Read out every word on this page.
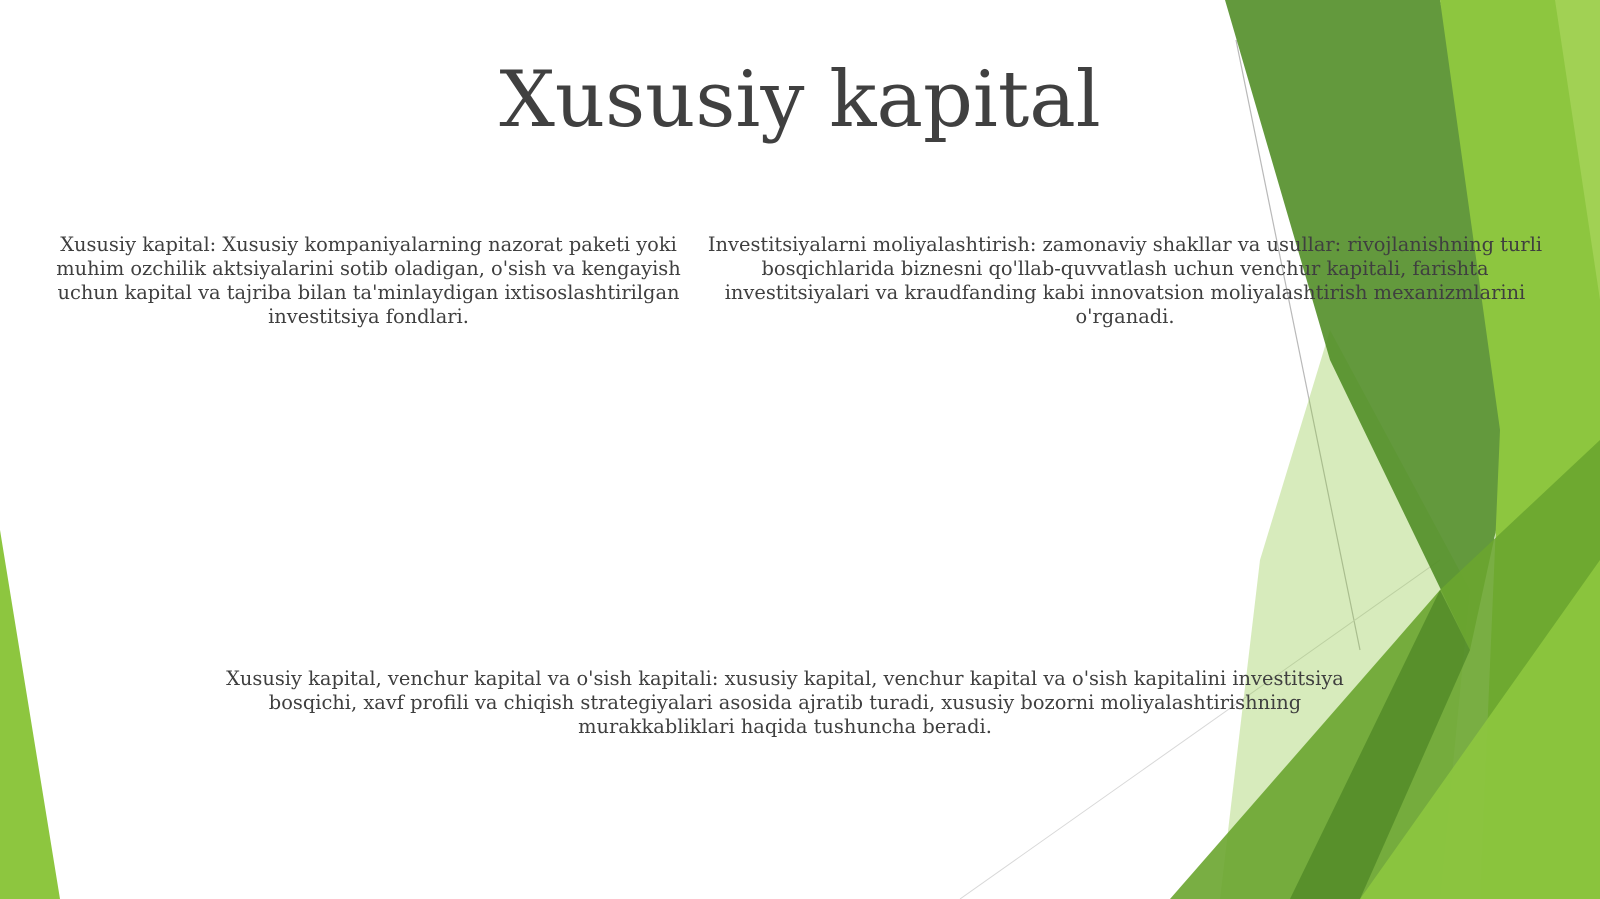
Xususiy kapital

Xususiy kapital: Xususiy kompaniyalarning nazorat paketi yoki muhim ozchilik aktsiyalarini sotib oladigan, o'sish va kengayish uchun kapital va tajriba bilan ta'minlaydigan ixtisoslashtirilgan investitsiya fondlari.

Investitsiyalarni moliyalashtirish: zamonaviy shakllar va usullar: rivojlanishning turli bosqichlarida biznesni qo'llab-quvvatlash uchun venchur kapitali, farishta investitsiyalari va kraudfanding kabi innovatsion moliyalashtirish mexanizmlarini o'rganadi.

Xususiy kapital, venchur kapital va o'sish kapitali: xususiy kapital, venchur kapital va o'sish kapitalini investitsiya bosqichi, xavf profili va chiqish strategiyalari asosida ajratib turadi, xususiy bozorni moliyalashtirishning murakkabliklari haqida tushuncha beradi.
